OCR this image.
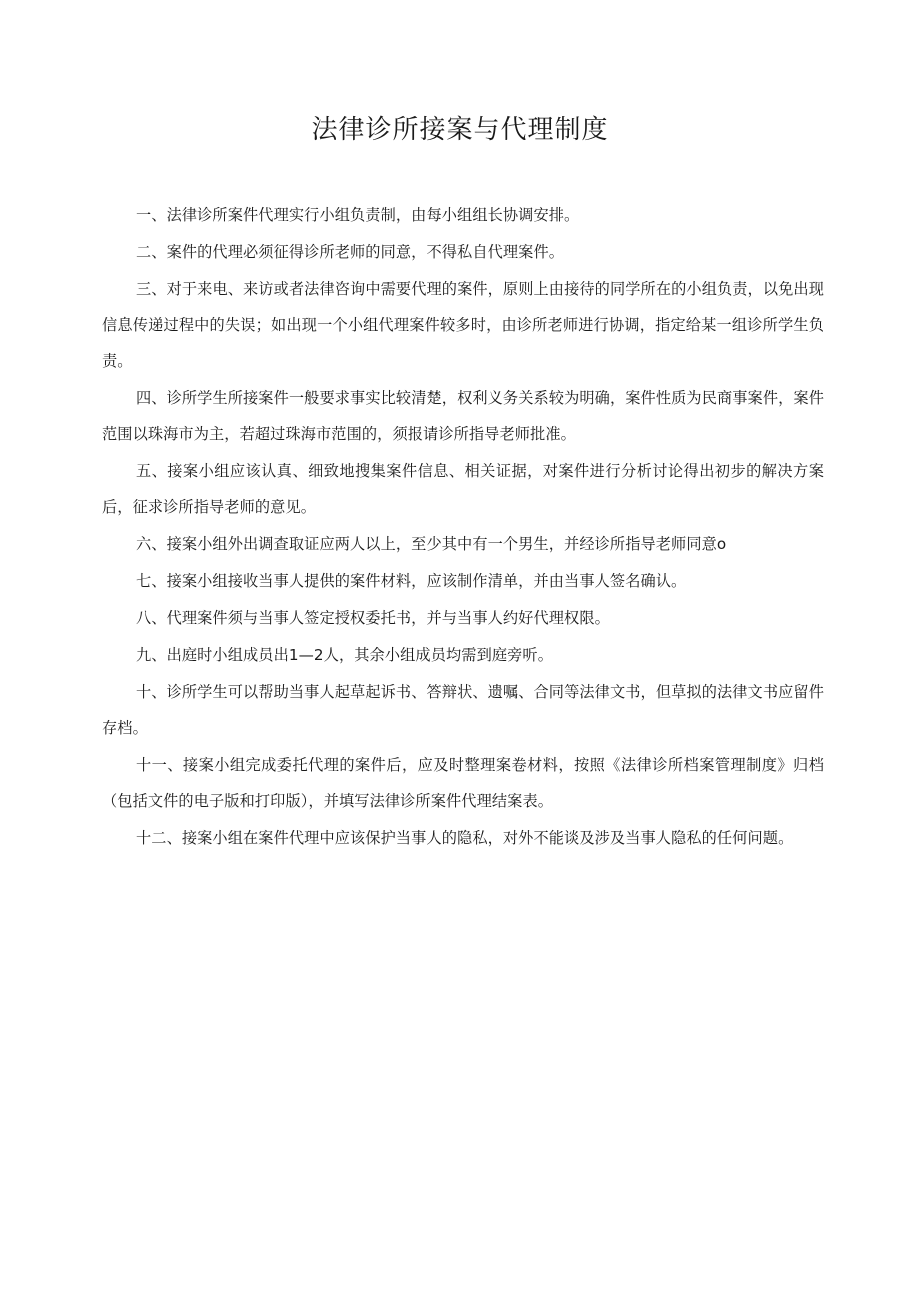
法律诊所接案与代理制度

一、法律诊所案件代理实行小组负责制，由每小组组长协调安排。

二、案件的代理必须征得诊所老师的同意，不得私自代理案件。

三、对于来电、来访或者法律咨询中需要代理的案件，原则上由接待的同学所在的小组负责，以免出现信息传递过程中的失误；如出现一个小组代理案件较多时，由诊所老师进行协调，指定给某一组诊所学生负责。

四、诊所学生所接案件一般要求事实比较清楚，权利义务关系较为明确，案件性质为民商事案件，案件范围以珠海市为主，若超过珠海市范围的，须报请诊所指导老师批准。

五、接案小组应该认真、细致地搜集案件信息、相关证据，对案件进行分析讨论得出初步的解决方案后，征求诊所指导老师的意见。

六、接案小组外出调查取证应两人以上，至少其中有一个男生，并经诊所指导老师同意o

七、接案小组接收当事人提供的案件材料，应该制作清单，并由当事人签名确认。

八、代理案件须与当事人签定授权委托书，并与当事人约好代理权限。

九、出庭时小组成员出1—2人，其余小组成员均需到庭旁听。

十、诊所学生可以帮助当事人起草起诉书、答辩状、遗嘱、合同等法律文书，但草拟的法律文书应留件存档。

十一、接案小组完成委托代理的案件后，应及时整理案卷材料，按照《法律诊所档案管理制度》归档（包括文件的电子版和打印版），并填写法律诊所案件代理结案表。

十二、接案小组在案件代理中应该保护当事人的隐私，对外不能谈及涉及当事人隐私的任何问题。
